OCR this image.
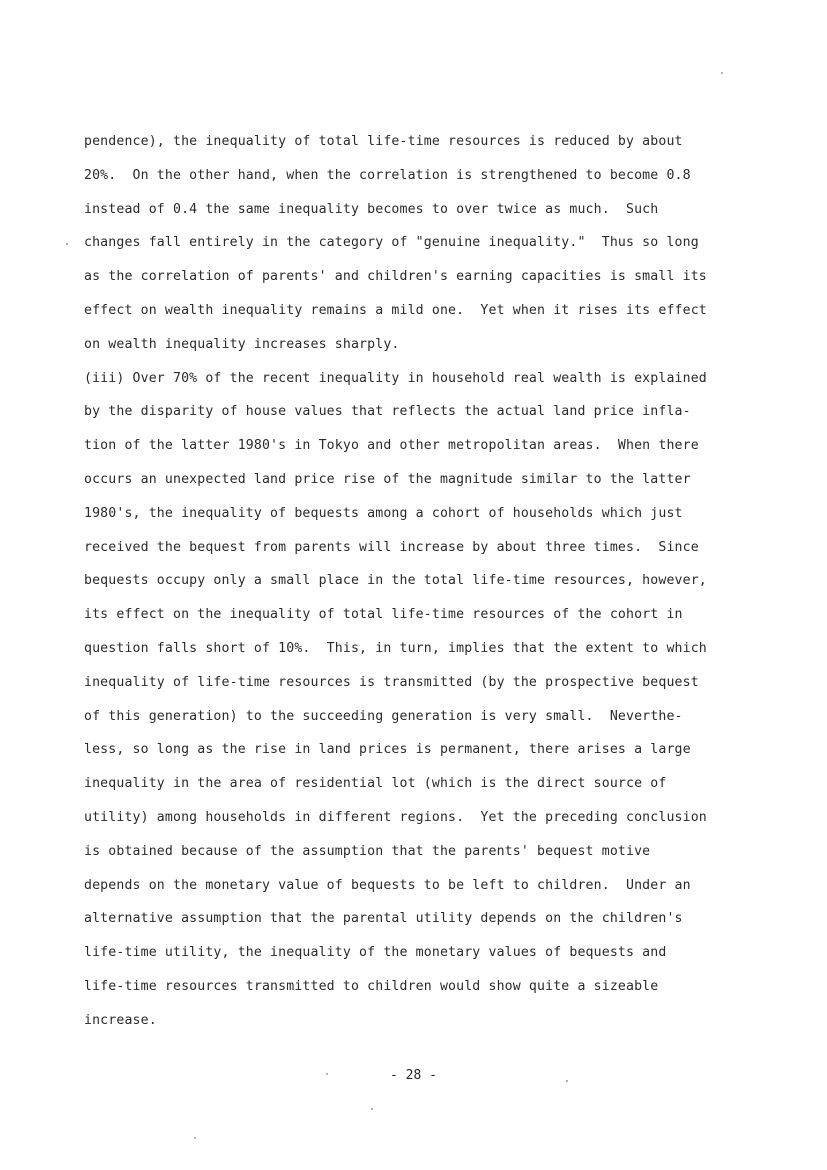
pendence), the inequality of total life-time resources is reduced by about
20%.  On the other hand, when the correlation is strengthened to become 0.8
instead of 0.4 the same inequality becomes to over twice as much.  Such
changes fall entirely in the category of "genuine inequality."  Thus so long
as the correlation of parents' and children's earning capacities is small its
effect on wealth inequality remains a mild one.  Yet when it rises its effect
on wealth inequality increases sharply.
(iii) Over 70% of the recent inequality in household real wealth is explained
by the disparity of house values that reflects the actual land price infla-
tion of the latter 1980's in Tokyo and other metropolitan areas.  When there
occurs an unexpected land price rise of the magnitude similar to the latter
1980's, the inequality of bequests among a cohort of households which just
received the bequest from parents will increase by about three times.  Since
bequests occupy only a small place in the total life-time resources, however,
its effect on the inequality of total life-time resources of the cohort in
question falls short of 10%.  This, in turn, implies that the extent to which
inequality of life-time resources is transmitted (by the prospective bequest
of this generation) to the succeeding generation is very small.  Neverthe-
less, so long as the rise in land prices is permanent, there arises a large
inequality in the area of residential lot (which is the direct source of
utility) among households in different regions.  Yet the preceding conclusion
is obtained because of the assumption that the parents' bequest motive
depends on the monetary value of bequests to be left to children.  Under an
alternative assumption that the parental utility depends on the children's
life-time utility, the inequality of the monetary values of bequests and
life-time resources transmitted to children would show quite a sizeable
increase.
- 28 -
